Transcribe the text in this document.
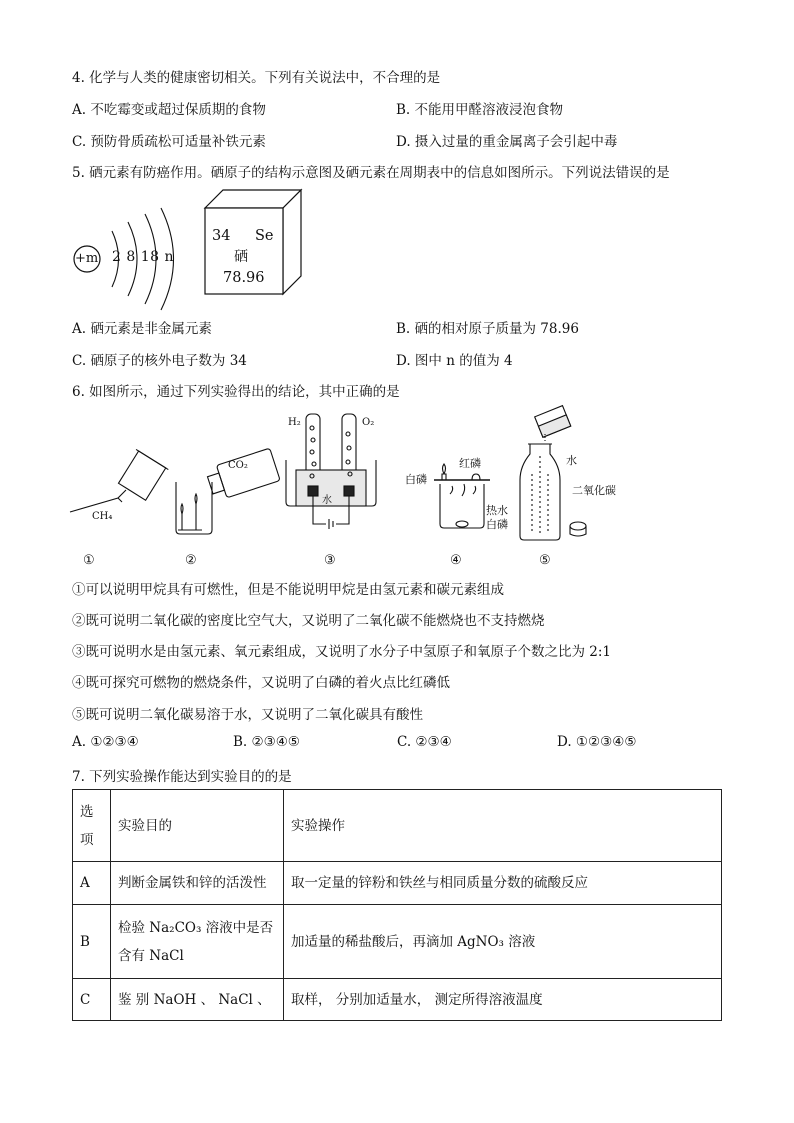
4. 化学与人类的健康密切相关。下列有关说法中，不合理的是
A. 不吃霉变或超过保质期的食物	B. 不能用甲醛溶液浸泡食物
C. 预防骨质疏松可适量补铁元素	D. 摄入过量的重金属离子会引起中毒
5. 硒元素有防癌作用。硒原子的结构示意图及硒元素在周期表中的信息如图所示。下列说法错误的是
+m 2 8 18 n
34 Se
硒
78.96
A. 硒元素是非金属元素	B. 硒的相对原子质量为 78.96
C. 硒原子的核外电子数为 34	D. 图中 n 的值为 4
6. 如图所示，通过下列实验得出的结论，其中正确的是
CH₄
CO₂
H₂	O₂
水
白磷
红磷
热水
白磷
水
二氧化碳
①	②	③	④	⑤
①可以说明甲烷具有可燃性，但是不能说明甲烷是由氢元素和碳元素组成
②既可说明二氧化碳的密度比空气大，又说明了二氧化碳不能燃烧也不支持燃烧
③既可说明水是由氢元素、氧元素组成，又说明了水分子中氢原子和氧原子个数之比为 2:1
④既可探究可燃物的燃烧条件，又说明了白磷的着火点比红磷低
⑤既可说明二氧化碳易溶于水，又说明了二氧化碳具有酸性
A. ①②③④	B. ②③④⑤	C. ②③④	D. ①②③④⑤
7. 下列实验操作能达到实验目的的是
选
项	实验目的	实验操作
A	判断金属铁和锌的活泼性	取一定量的锌粉和铁丝与相同质量分数的硫酸反应
B	检验 Na₂CO₃ 溶液中是否
含有 NaCl	加适量的稀盐酸后，再滴加 AgNO₃ 溶液
C	鉴 别 NaOH 、 NaCl 、	取样， 分别加适量水， 测定所得溶液温度
